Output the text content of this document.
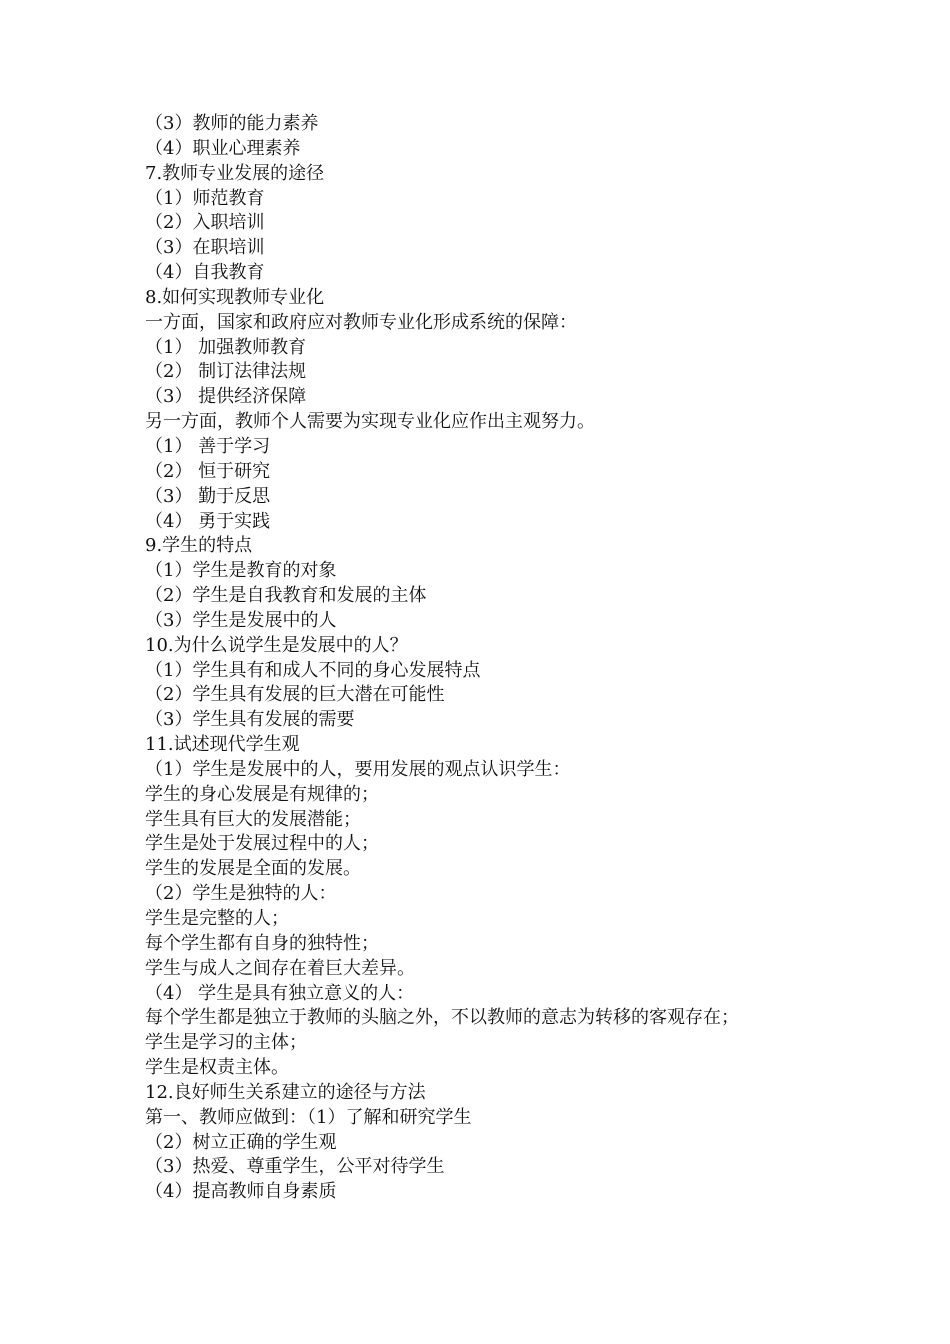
（3）教师的能力素养
（4）职业心理素养
7.教师专业发展的途径
（1）师范教育
（2）入职培训
（3）在职培训
（4）自我教育
8.如何实现教师专业化
一方面，国家和政府应对教师专业化形成系统的保障：
（1） 加强教师教育
（2） 制订法律法规
（3） 提供经济保障
另一方面，教师个人需要为实现专业化应作出主观努力。
（1） 善于学习
（2） 恒于研究
（3） 勤于反思
（4） 勇于实践
9.学生的特点
（1）学生是教育的对象
（2）学生是自我教育和发展的主体
（3）学生是发展中的人
10.为什么说学生是发展中的人？
（1）学生具有和成人不同的身心发展特点
（2）学生具有发展的巨大潜在可能性
（3）学生具有发展的需要
11.试述现代学生观
（1）学生是发展中的人，要用发展的观点认识学生：
学生的身心发展是有规律的；
学生具有巨大的发展潜能；
学生是处于发展过程中的人；
学生的发展是全面的发展。
（2）学生是独特的人：
学生是完整的人；
每个学生都有自身的独特性；
学生与成人之间存在着巨大差异。
（4） 学生是具有独立意义的人：
每个学生都是独立于教师的头脑之外，不以教师的意志为转移的客观存在；
学生是学习的主体；
学生是权责主体。
12.良好师生关系建立的途径与方法
第一、教师应做到：（1）了解和研究学生
（2）树立正确的学生观
（3）热爱、尊重学生，公平对待学生
（4）提高教师自身素质
